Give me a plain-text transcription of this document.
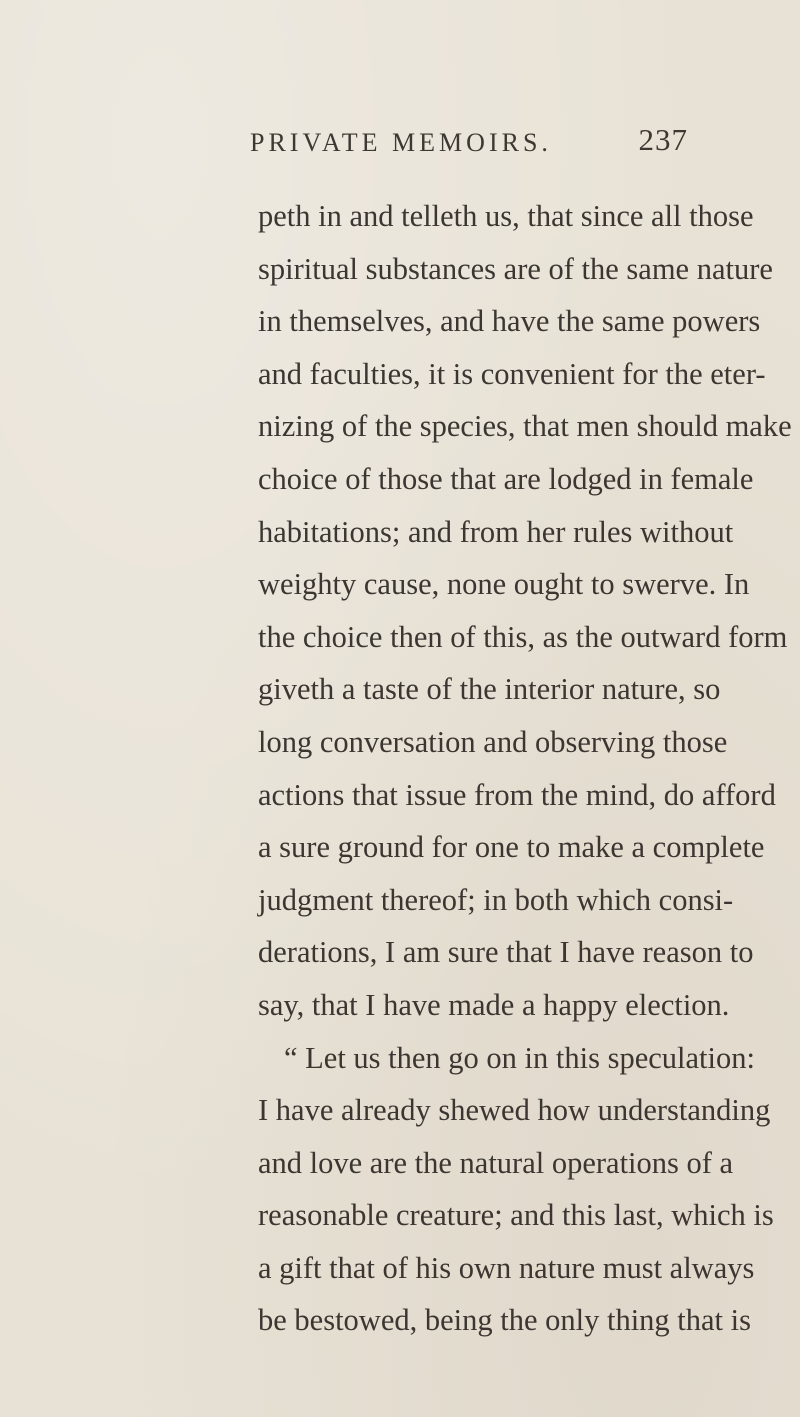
PRIVATE MEMOIRS.	237
peth in and telleth us, that since all those
spiritual substances are of the same nature
in themselves, and have the same powers
and faculties, it is convenient for the eter-
nizing of the species, that men should make
choice of those that are lodged in female
habitations; and from her rules without
weighty cause, none ought to swerve. In
the choice then of this, as the outward form
giveth a taste of the interior nature, so
long conversation and observing those
actions that issue from the mind, do afford
a sure ground for one to make a complete
judgment thereof; in both which consi-
derations, I am sure that I have reason to
say, that I have made a happy election.
“ Let us then go on in this speculation:
I have already shewed how understanding
and love are the natural operations of a
reasonable creature; and this last, which is
a gift that of his own nature must always
be bestowed, being the only thing that is
